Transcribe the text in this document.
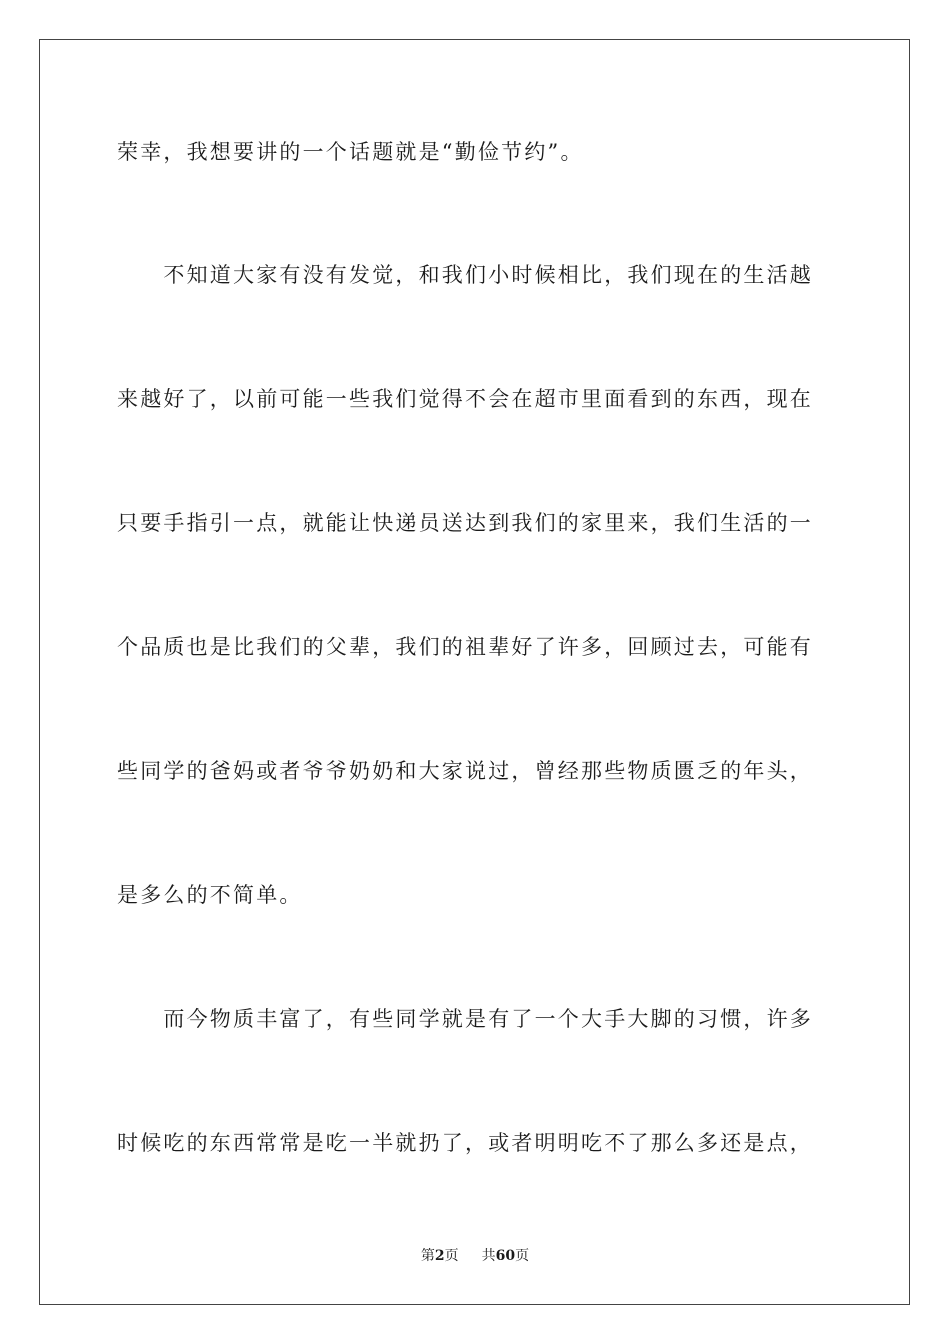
荣幸，我想要讲的一个话题就是“勤俭节约”。
　　不知道大家有没有发觉，和我们小时候相比，我们现在的生活越
来越好了，以前可能一些我们觉得不会在超市里面看到的东西，现在
只要手指引一点，就能让快递员送达到我们的家里来，我们生活的一
个品质也是比我们的父辈，我们的祖辈好了许多，回顾过去，可能有
些同学的爸妈或者爷爷奶奶和大家说过，曾经那些物质匮乏的年头，
是多么的不简单。
　　而今物质丰富了，有些同学就是有了一个大手大脚的习惯，许多
时候吃的东西常常是吃一半就扔了，或者明明吃不了那么多还是点，
第2页 共60页
